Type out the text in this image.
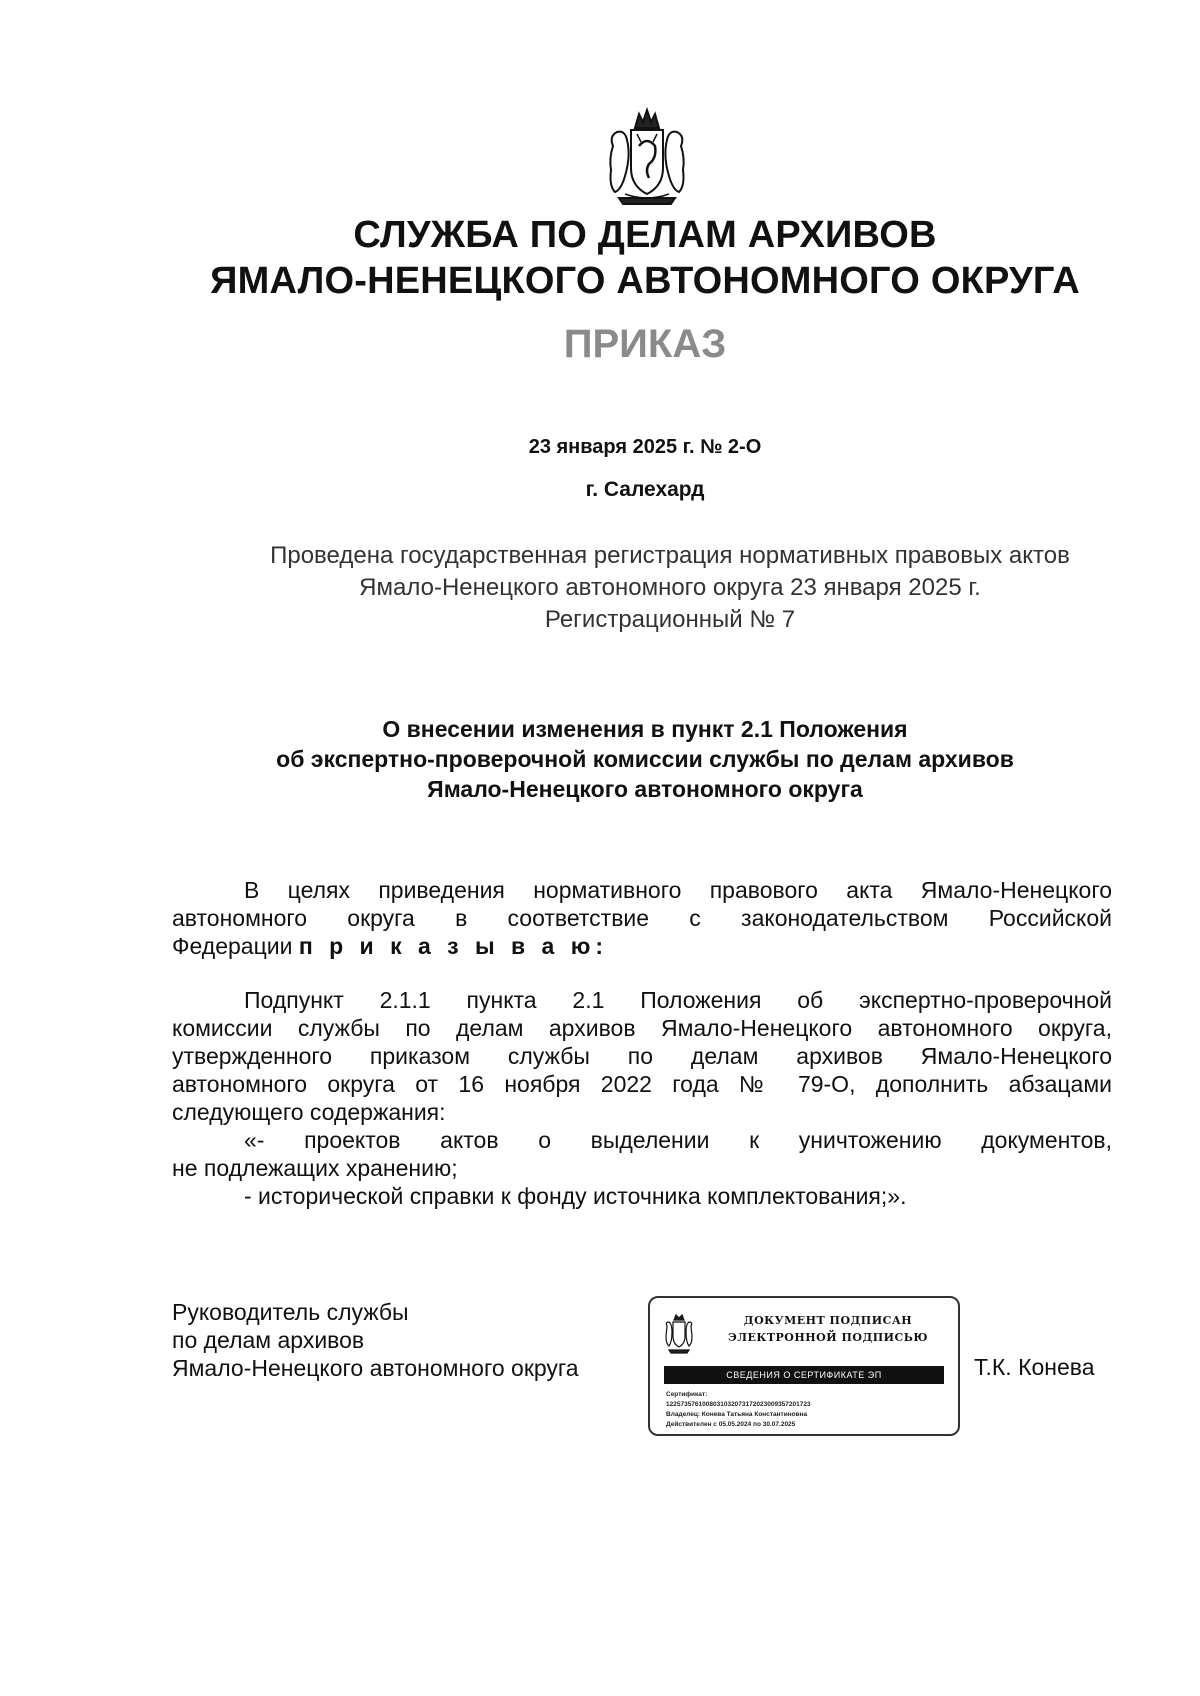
СЛУЖБА ПО ДЕЛАМ АРХИВОВ
ЯМАЛО-НЕНЕЦКОГО АВТОНОМНОГО ОКРУГА
ПРИКАЗ
23 января 2025 г. № 2-О
г. Салехард
Проведена государственная регистрация нормативных правовых актов
Ямало-Ненецкого автономного округа 23 января 2025 г.
Регистрационный № 7
О внесении изменения в пункт 2.1 Положения
об экспертно-проверочной комиссии службы по делам архивов
Ямало-Ненецкого автономного округа
В целях приведения нормативного правового акта Ямало-Ненецкого
автономного округа в соответствие с законодательством Российской
Федерации п р и к а з ы в а ю:
Подпункт 2.1.1 пункта 2.1 Положения об экспертно-проверочной
комиссии службы по делам архивов Ямало-Ненецкого автономного округа,
утвержденного приказом службы по делам архивов Ямало-Ненецкого
автономного округа от 16 ноября 2022 года № 79-О, дополнить абзацами
следующего содержания:
«- проектов актов о выделении к уничтожению документов,
не подлежащих хранению;
- исторической справки к фонду источника комплектования;».
Руководитель службы
по делам архивов
Ямало-Ненецкого автономного округа
ДОКУМЕНТ ПОДПИСАН
ЭЛЕКТРОННОЙ ПОДПИСЬЮ
СВЕДЕНИЯ О СЕРТИФИКАТЕ ЭП
Сертификат:
1225735761008031032073172023009357201723
Владелец: Конева Татьяна Константиновна
Действителен с 05.05.2024 по 30.07.2025
Т.К. Конева
